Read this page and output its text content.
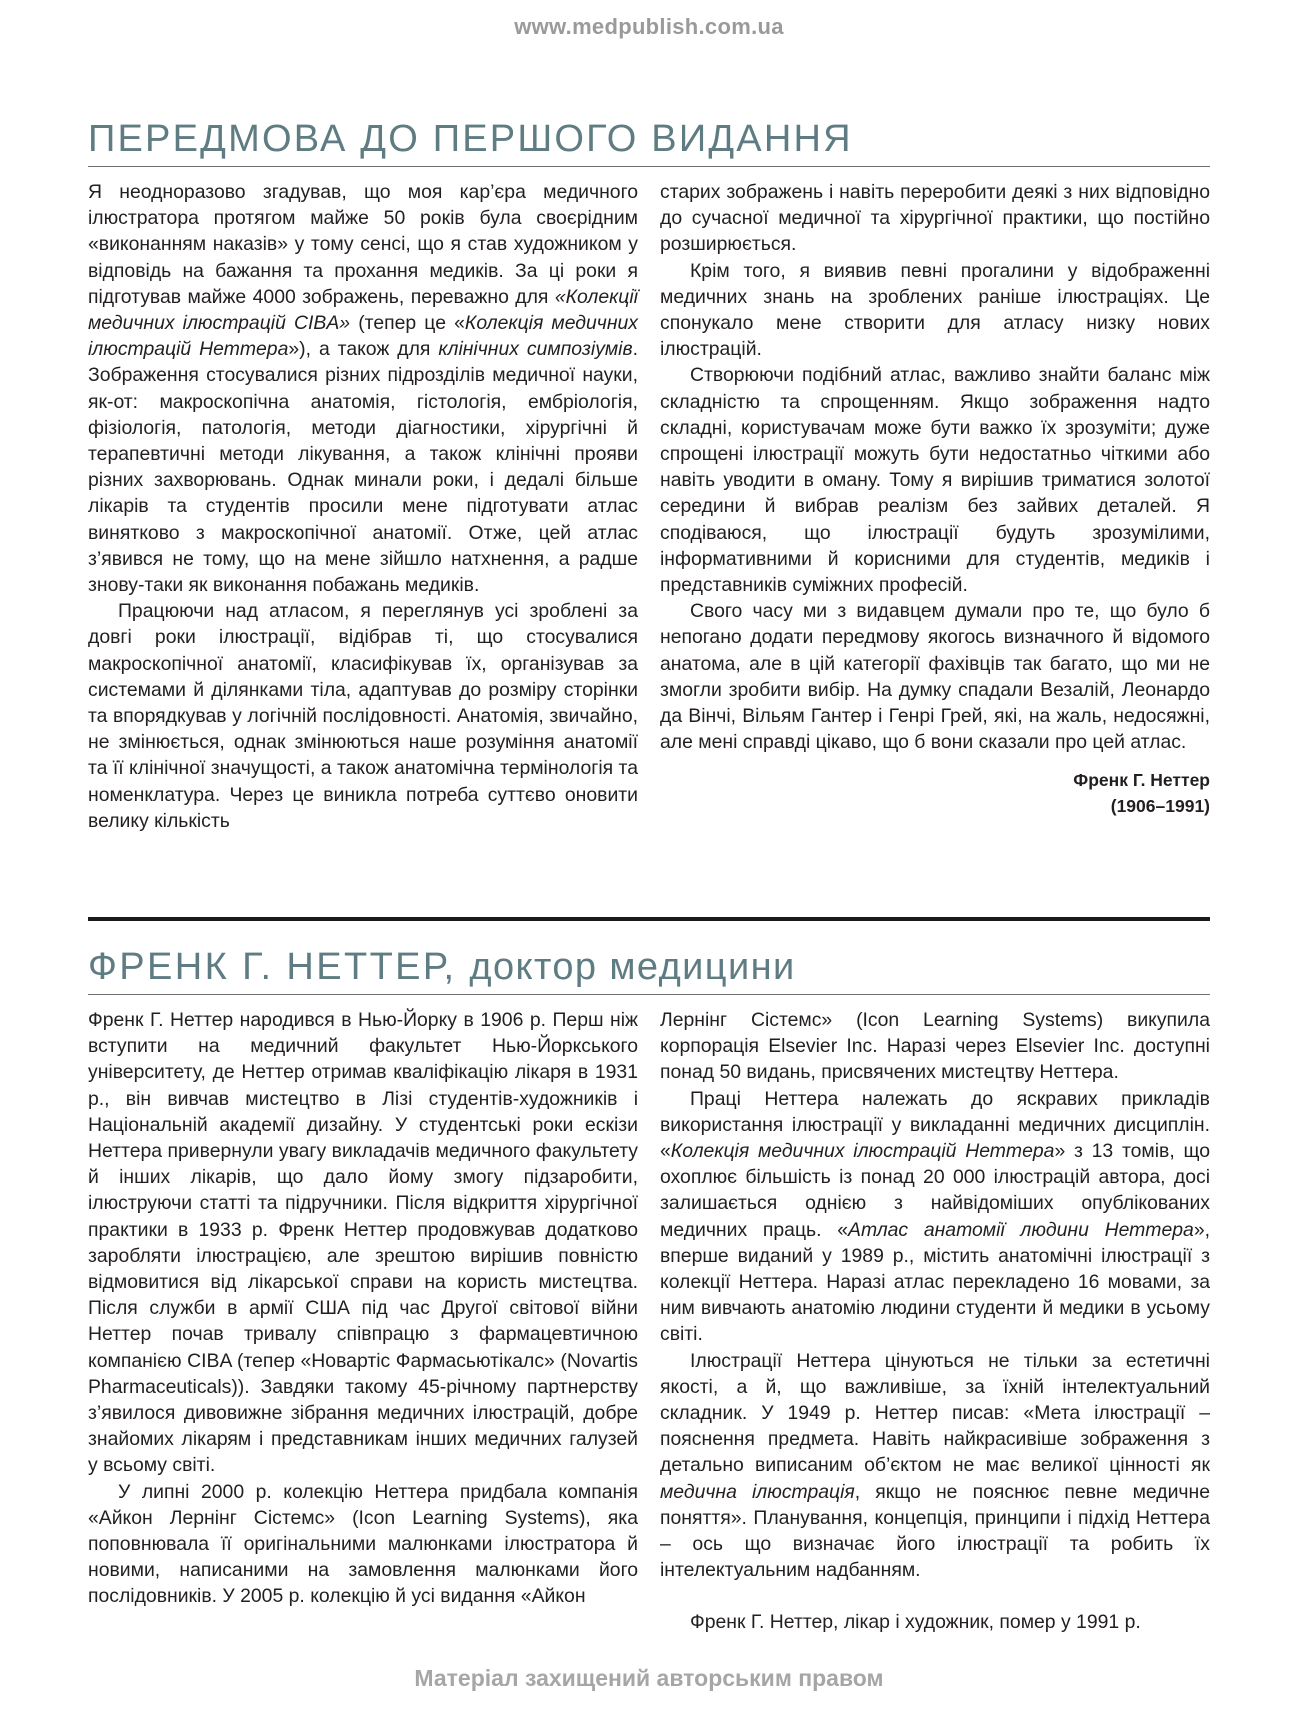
www.medpublish.com.ua
ПЕРЕДМОВА ДО ПЕРШОГО ВИДАННЯ

Я неодноразово згадував, що моя кар’єра медичного ілюстратора протягом майже 50 років була своєрідним «виконанням наказів» у тому сенсі, що я став художником у відповідь на бажання та прохання медиків. За ці роки я підготував майже 4000 зображень, переважно для «Колекції медичних ілюстрацій CIBA» (тепер це «Колекція медичних ілюстрацій Неттера»), а також для клінічних симпозіумів. Зображення стосувалися різних підрозділів медичної науки, як-от: макроскопічна анатомія, гістологія, ембріологія, фізіологія, патологія, методи діагностики, хірургічні й терапевтичні методи лікування, а також клінічні прояви різних захворювань. Однак минали роки, і дедалі більше лікарів та студентів просили мене підготувати атлас винятково з макроскопічної анатомії. Отже, цей атлас з’явився не тому, що на мене зійшло натхнення, а радше знову-таки як виконання побажань медиків.

Працюючи над атласом, я переглянув усі зроблені за довгі роки ілюстрації, відібрав ті, що стосувалися макроскопічної анатомії, класифікував їх, організував за системами й ділянками тіла, адаптував до розміру сторінки та впорядкував у логічній послідовності. Анатомія, звичайно, не змінюється, однак змінюються наше розуміння анатомії та її клінічної значущості, а також анатомічна термінологія та номенклатура. Через це виникла потреба суттєво оновити велику кількість

старих зображень і навіть переробити деякі з них відповідно до сучасної медичної та хірургічної практики, що постійно розширюється.

Крім того, я виявив певні прогалини у відображенні медичних знань на зроблених раніше ілюстраціях. Це спонукало мене створити для атласу низку нових ілюстрацій.

Створюючи подібний атлас, важливо знайти баланс між складністю та спрощенням. Якщо зображення надто складні, користувачам може бути важко їх зрозуміти; дуже спрощені ілюстрації можуть бути недостатньо чіткими або навіть уводити в оману. Тому я вирішив триматися золотої середини й вибрав реалізм без зайвих деталей. Я сподіваюся, що ілюстрації будуть зрозумілими, інформативними й корисними для студентів, медиків і представників суміжних професій.

Свого часу ми з видавцем думали про те, що було б непогано додати передмову якогось визначного й відомого анатома, але в цій категорії фахівців так багато, що ми не змогли зробити вибір. На думку спадали Везалій, Леонардо да Вінчі, Вільям Гантер і Генрі Грей, які, на жаль, недосяжні, але мені справді цікаво, що б вони сказали про цей атлас.

Френк Г. Неттер
(1906–1991)
ФРЕНК Г. НЕТТЕР, доктор медицини

Френк Г. Неттер народився в Нью-Йорку в 1906 р. Перш ніж вступити на медичний факультет Нью-Йоркського університету, де Неттер отримав кваліфікацію лікаря в 1931 р., він вивчав мистецтво в Лізі студентів-художників і Національній академії дизайну. У студентські роки ескізи Неттера привернули увагу викладачів медичного факультету й інших лікарів, що дало йому змогу підзаробити, ілюструючи статті та підручники. Після відкриття хірургічної практики в 1933 р. Френк Неттер продовжував додатково заробляти ілюстрацією, але зрештою вирішив повністю відмовитися від лікарської справи на користь мистецтва. Після служби в армії США під час Другої світової війни Неттер почав тривалу співпрацю з фармацевтичною компанією CIBA (тепер «Новартіс Фармасьютікалс» (Novartis Pharmaceuticals)). Завдяки такому 45-річному партнерству з’явилося дивовижне зібрання медичних ілюстрацій, добре знайомих лікарям і представникам інших медичних галузей у всьому світі.

У липні 2000 р. колекцію Неттера придбала компанія «Айкон Лернінг Сістемс» (Icon Learning Systems), яка поповнювала її оригінальними малюнками ілюстратора й новими, написаними на замовлення малюнками його послідовників. У 2005 р. колекцію й усі видання «Айкон

Лернінг Сістемс» (Icon Learning Systems) викупила корпорація Elsevier Inc. Наразі через Elsevier Inc. доступні понад 50 видань, присвячених мистецтву Неттера.

Праці Неттера належать до яскравих прикладів використання ілюстрації у викладанні медичних дисциплін. «Колекція медичних ілюстрацій Неттера» з 13 томів, що охоплює більшість із понад 20 000 ілюстрацій автора, досі залишається однією з найвідоміших опублікованих медичних праць. «Атлас анатомії людини Неттера», вперше виданий у 1989 р., містить анатомічні ілюстрації з колекції Неттера. Наразі атлас перекладено 16 мовами, за ним вивчають анатомію людини студенти й медики в усьому світі.

Ілюстрації Неттера цінуються не тільки за естетичні якості, а й, що важливіше, за їхній інтелектуальний складник. У 1949 р. Неттер писав: «Мета ілюстрації – пояснення предмета. Навіть найкрасивіше зображення з детально виписаним об’єктом не має великої цінності як медична ілюстрація, якщо не пояснює певне медичне поняття». Планування, концепція, принципи і підхід Неттера – ось що визначає його ілюстрації та робить їх інтелектуальним надбанням.

Френк Г. Неттер, лікар і художник, помер у 1991 р.

Матеріал захищений авторським правом
